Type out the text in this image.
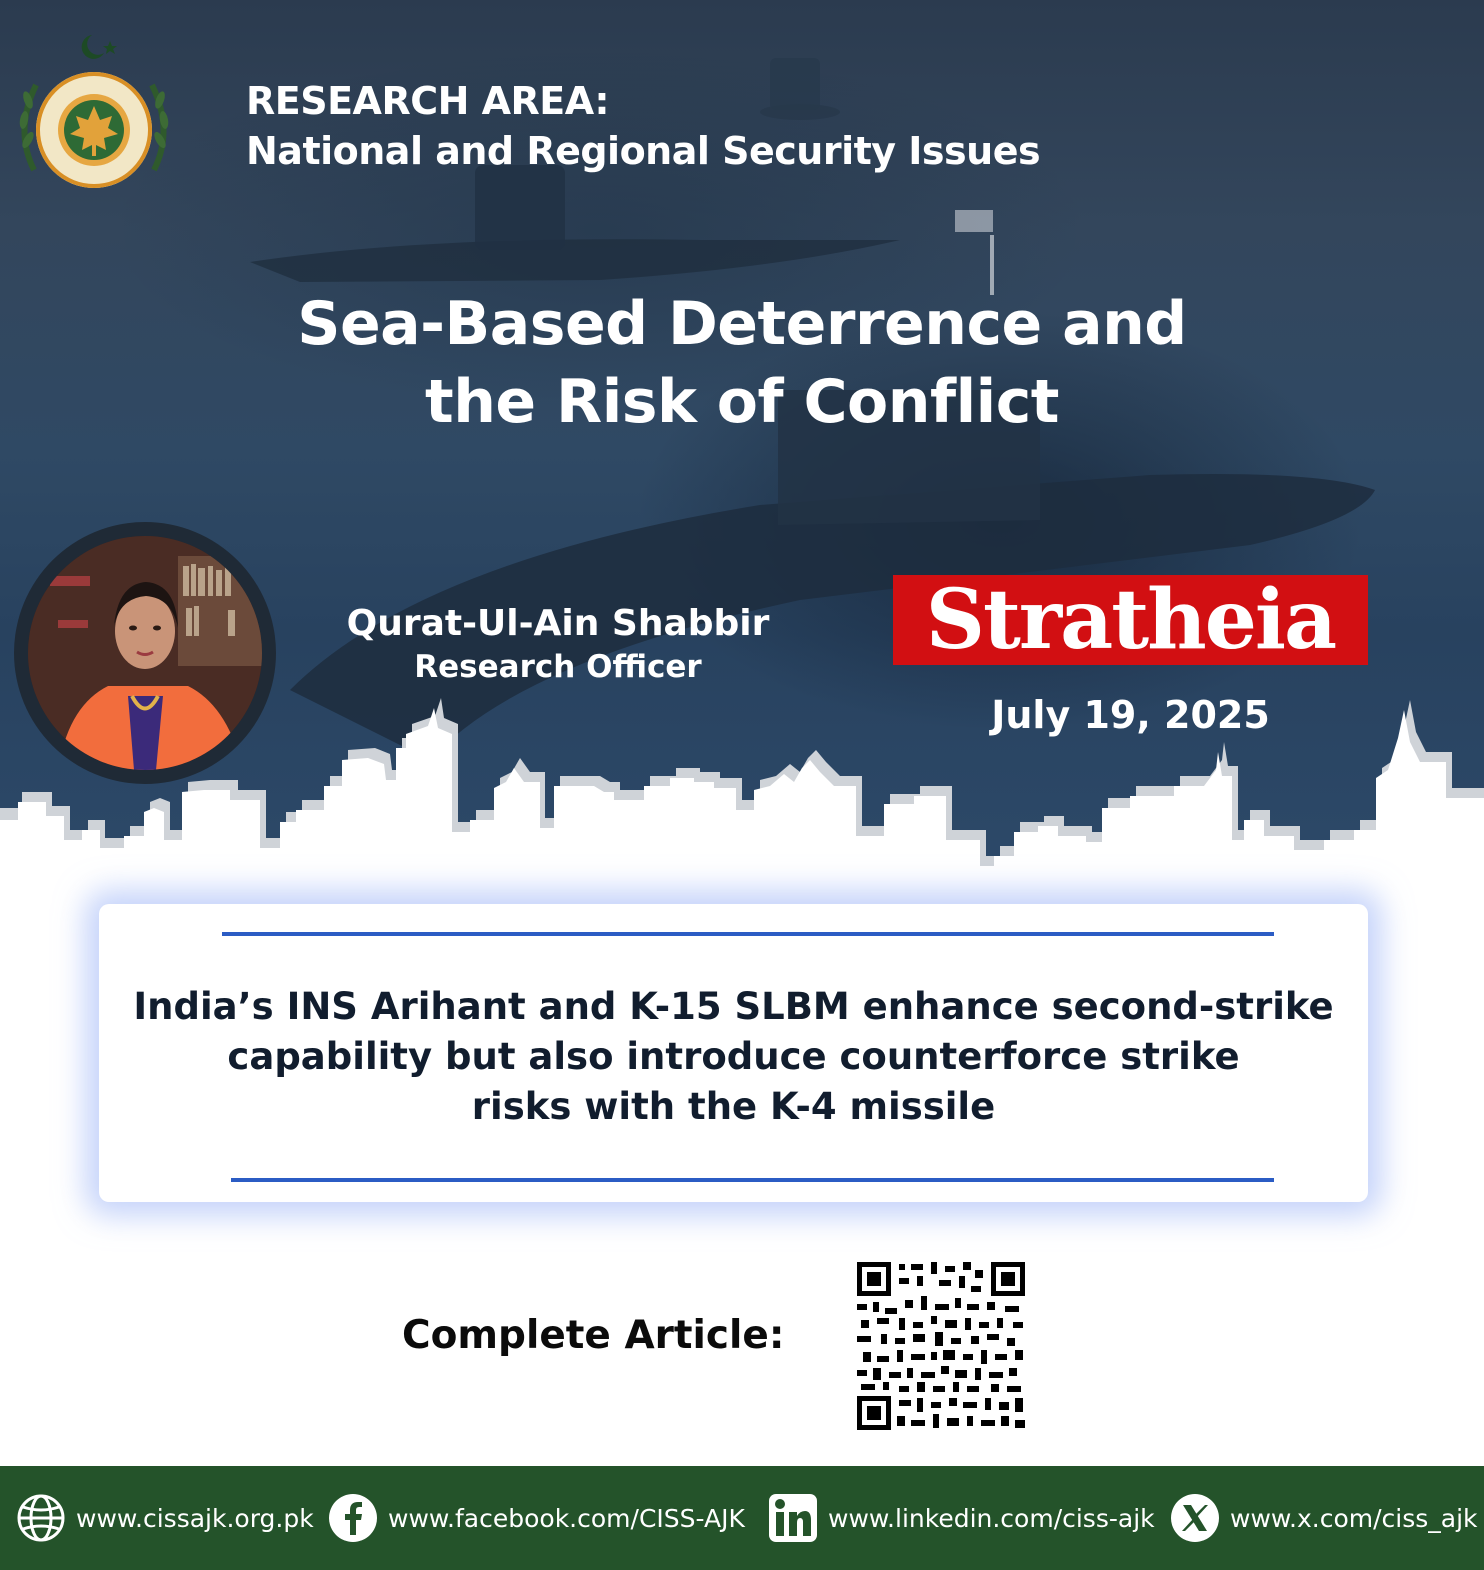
RESEARCH AREA:
National and Regional Security Issues
Sea-Based Deterrence and
the Risk of Conflict
Qurat-Ul-Ain Shabbir
Research Officer	Stratheia
July 19, 2025
India’s INS Arihant and K-15 SLBM enhance second-strike
capability but also introduce counterforce strike
risks with the K-4 missile
Complete Article:
www.cissajk.org.pk	www.facebook.com/CISS-AJK	www.linkedin.com/ciss-ajk	www.x.com/ciss_ajk
